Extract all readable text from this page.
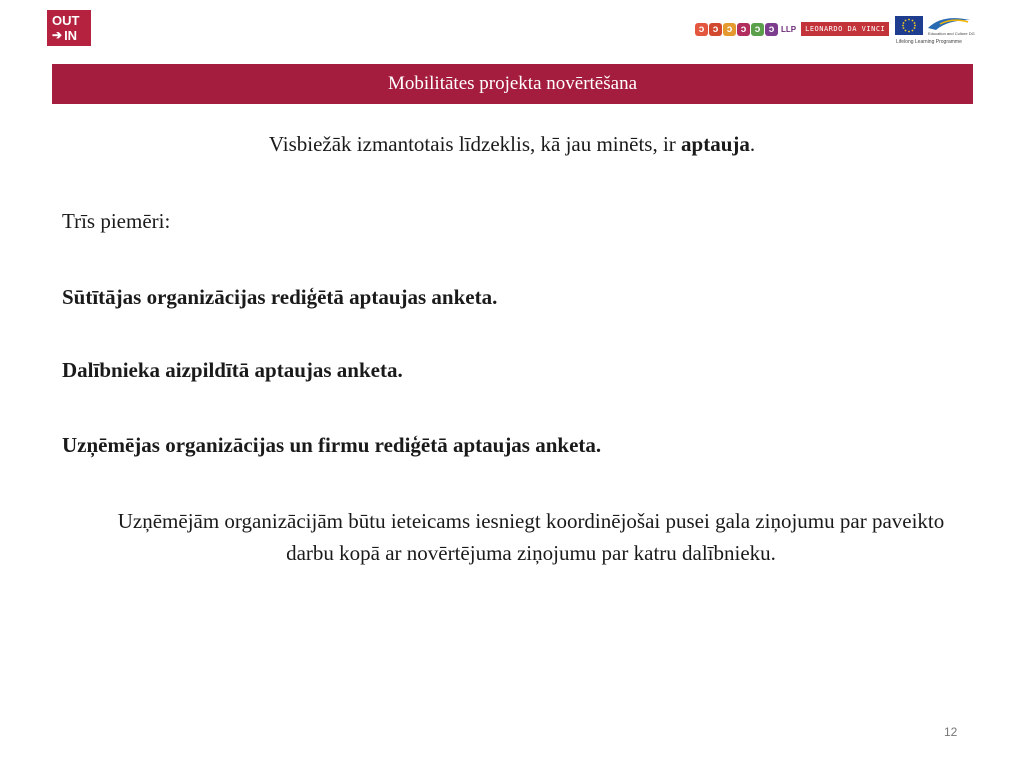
OUT
➔ IN	ɔ ɔ ɔ ɔ ɔ ɔ LLP	LEONARDO DA VINCI
Education and Culture DG
Lifelong Learning Programme
Mobilitātes projekta novērtēšana
Visbiežāk izmantotais līdzeklis, kā jau minēts, ir aptauja.
Trīs piemēri:
Sūtītājas organizācijas rediģētā aptaujas anketa.
Dalībnieka aizpildītā aptaujas anketa.
Uzņēmējas organizācijas un firmu rediģētā aptaujas anketa.
Uzņēmējām organizācijām būtu ieteicams iesniegt koordinējošai pusei gala ziņojumu par paveikto darbu kopā ar novērtējuma ziņojumu par katru dalībnieku.
12
